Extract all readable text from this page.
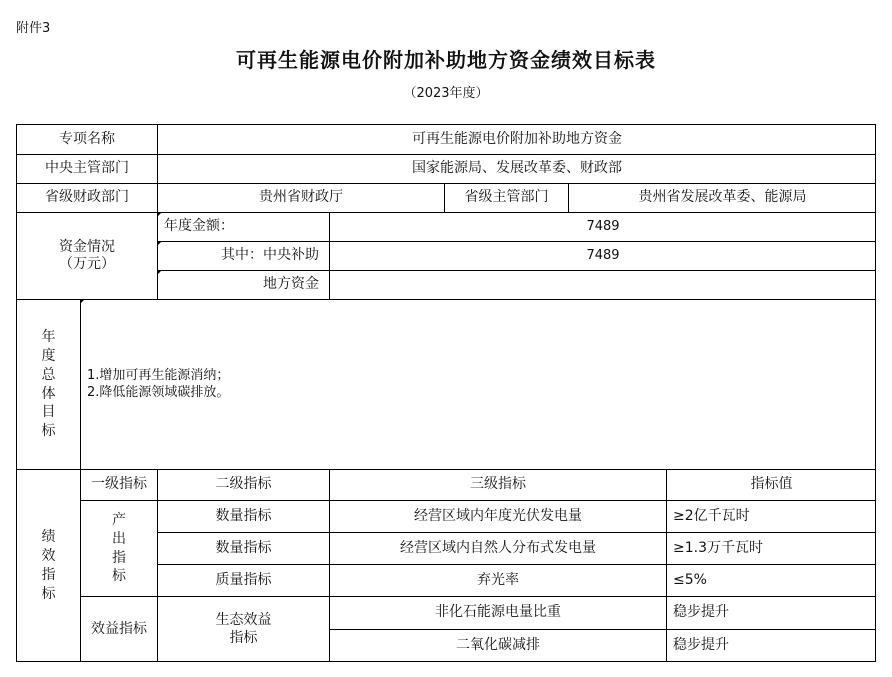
附件3
可再生能源电价附加补助地方资金绩效目标表
（2023年度）
专项名称	可再生能源电价附加补助地方资金
中央主管部门	国家能源局、发展改革委、财政部
省级财政部门	贵州省财政厅	省级主管部门	贵州省发展改革委、能源局
资金情况
（万元）
年度金额：	7489
其中：中央补助	7489
地方资金
年度总体目标
1.增加可再生能源消纳；
2.降低能源领域碳排放。
绩效指标
一级指标	二级指标	三级指标	指标值
产出指标
数量指标	经营区域内年度光伏发电量	≥2亿千瓦时
数量指标	经营区域内自然人分布式发电量	≥1.3万千瓦时
质量指标	弃光率	≤5%
效益指标
生态效益
指标
非化石能源电量比重	稳步提升
二氧化碳减排	稳步提升
